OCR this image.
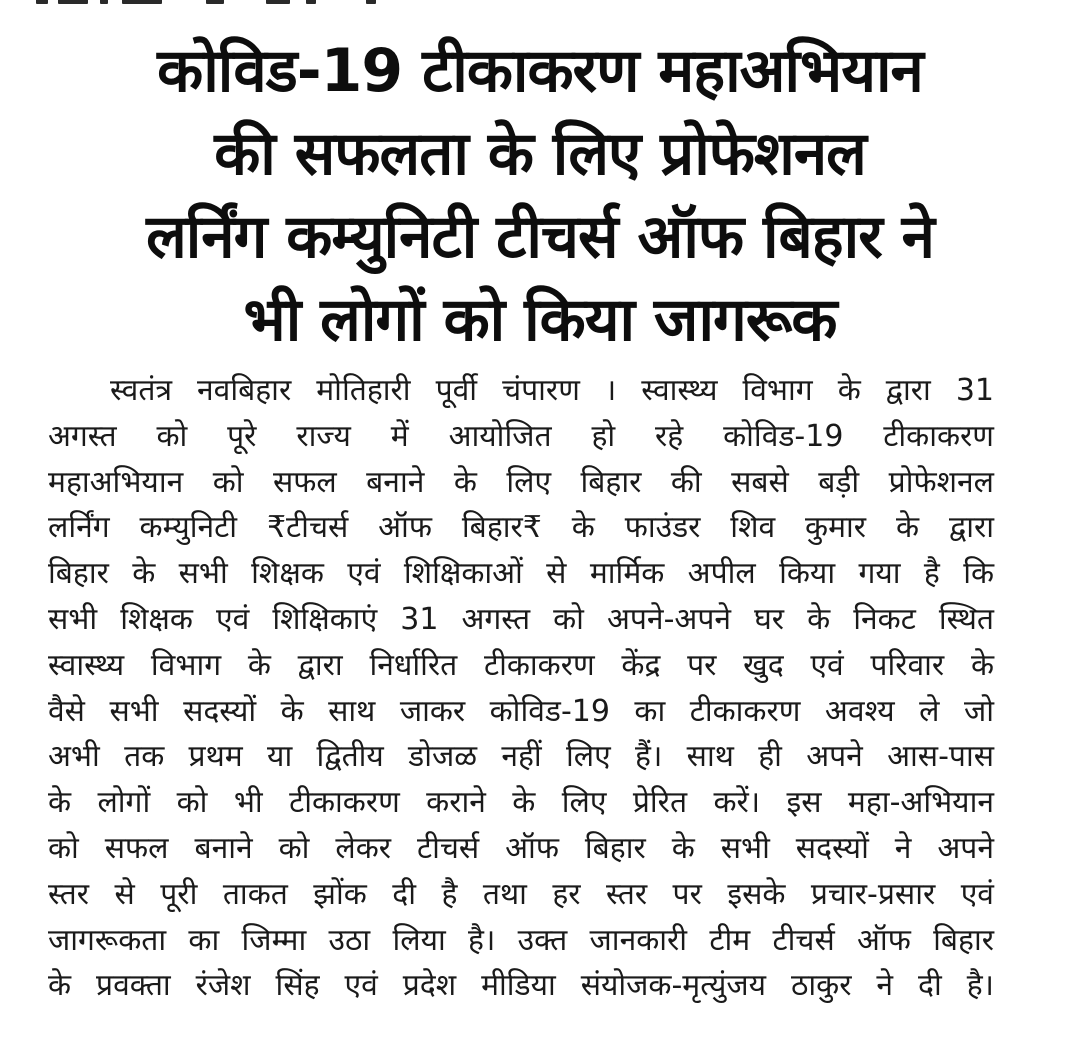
कोविड-19 टीकाकरण महाअभियान
की सफलता के लिए प्रोफेशनल
लर्निंग कम्युनिटी टीचर्स ऑफ बिहार ने
भी लोगों को किया जागरूक
स्वतंत्र नवबिहार मोतिहारी पूर्वी चंपारण । स्वास्थ्य विभाग के द्वारा 31
अगस्त को पूरे राज्य में आयोजित हो रहे कोविड-19 टीकाकरण
महाअभियान को सफल बनाने के लिए बिहार की सबसे बड़ी प्रोफेशनल
लर्निंग कम्युनिटी ₹टीचर्स ऑफ बिहार₹ के फाउंडर शिव कुमार के द्वारा
बिहार के सभी शिक्षक एवं शिक्षिकाओं से मार्मिक अपील किया गया है कि
सभी शिक्षक एवं शिक्षिकाएं 31 अगस्त को अपने-अपने घर के निकट स्थित
स्वास्थ्य विभाग के द्वारा निर्धारित टीकाकरण केंद्र पर खुद एवं परिवार के
वैसे सभी सदस्यों के साथ जाकर कोविड-19 का टीकाकरण अवश्य ले जो
अभी तक प्रथम या द्वितीय डोजळ नहीं लिए हैं। साथ ही अपने आस-पास
के लोगों को भी टीकाकरण कराने के लिए प्रेरित करें। इस महा-अभियान
को सफल बनाने को लेकर टीचर्स ऑफ बिहार के सभी सदस्यों ने अपने
स्तर से पूरी ताकत झोंक दी है तथा हर स्तर पर इसके प्रचार-प्रसार एवं
जागरूकता का जिम्मा उठा लिया है। उक्त जानकारी टीम टीचर्स ऑफ बिहार
के प्रवक्ता रंजेश सिंह एवं प्रदेश मीडिया संयोजक-मृत्युंजय ठाकुर ने दी है।
